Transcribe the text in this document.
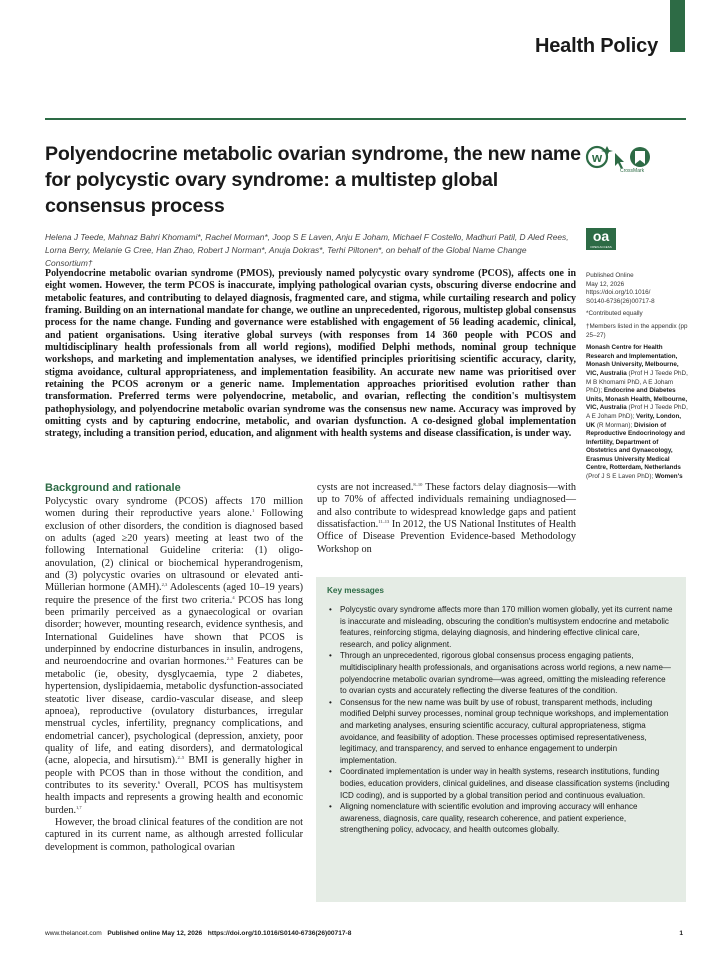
Health Policy
Polyendocrine metabolic ovarian syndrome, the new name for polycystic ovary syndrome: a multistep global consensus process
w
CrossMark
Helena J Teede, Mahnaz Bahri Khomami*, Rachel Morman*, Joop S E Laven, Anju E Joham, Michael F Costello, Madhuri Patil, D Aled Rees,
Lorna Berry, Melanie G Cree, Han Zhao, Robert J Norman*, Anuja Dokras*, Terhi Piltonen*, on behalf of the Global Name Change Consortium†
oa
OPEN ACCESS

Polyendocrine metabolic ovarian syndrome (PMOS), previously named polycystic ovary syndrome (PCOS), affects one in eight women. However, the term PCOS is inaccurate, implying pathological ovarian cysts, obscuring diverse endocrine and metabolic features, and contributing to delayed diagnosis, fragmented care, and stigma, while curtailing research and policy framing. Building on an international mandate for change, we outline an unprecedented, rigorous, multistep global consensus process for the name change. Funding and governance were established with engagement of 56 leading academic, clinical, and patient organisations. Using iterative global surveys (with responses from 14 360 people with PCOS and multidisciplinary health professionals from all world regions), modified Delphi methods, nominal group technique workshops, and marketing and implementation analyses, we identified principles prioritising scientific accuracy, clarity, stigma avoidance, cultural appropriateness, and implementation feasibility. An accurate new name was prioritised over retaining the PCOS acronym or a generic name. Implementation approaches prioritised evolution rather than transformation. Preferred terms were polyendocrine, metabolic, and ovarian, reflecting the condition's multisystem pathophysiology, and polyendocrine metabolic ovarian syndrome was the consensus new name. Accuracy was improved by omitting cysts and by capturing endocrine, metabolic, and ovarian dysfunction. A co-designed global implementation strategy, including a transition period, education, and alignment with health systems and disease classification, is under way.

Published Online
May 12, 2026
https://doi.org/10.1016/
S0140-6736(26)00717-8

*Contributed equally

†Members listed in the appendix (pp 25–27)

Monash Centre for Health Research and Implementation, Monash University, Melbourne, VIC, Australia (Prof H J Teede PhD, M B Khomami PhD, A E Joham PhD); Endocrine and Diabetes Units, Monash Health, Melbourne, VIC, Australia (Prof H J Teede PhD, A E Joham PhD); Verity, London, UK (R Morman); Division of Reproductive Endocrinology and Infertility, Department of Obstetrics and Gynaecology, Erasmus University Medical Centre, Rotterdam, Netherlands (Prof J S E Laven PhD); Women's

Background and rationale

Polycystic ovary syndrome (PCOS) affects 170 million women during their reproductive years alone.$^1$ Following exclusion of other disorders, the condition is diagnosed based on adults (aged ≥20 years) meeting at least two of the following International Guideline criteria: (1) oligo-anovulation, (2) clinical or biochemical hyperandrogenism, and (3) polycystic ovaries on ultrasound or elevated anti-Müllerian hormone (AMH).$^{2,3}$ Adolescents (aged 10–19 years) require the presence of the first two criteria.$^4$ PCOS has long been primarily perceived as a gynaecological or ovarian disorder; however, mounting research, evidence synthesis, and International Guidelines have shown that PCOS is underpinned by endocrine disturbances in insulin, androgens, and neuroendocrine and ovarian hormones.$^{2-5}$ Features can be metabolic (ie, obesity, dysglycaemia, type 2 diabetes, hypertension, dyslipidaemia, metabolic dysfunction-associated steatotic liver disease, cardio-vascular disease, and sleep apnoea), reproductive (ovulatory disturbances, irregular menstrual cycles, infertility, pregnancy complications, and endometrial cancer), psychological (depression, anxiety, poor quality of life, and eating disorders), and dermatological (acne, alopecia, and hirsutism).$^{2-5}$ BMI is generally higher in people with PCOS than in those without the condition, and contributes to its severity.$^6$ Overall, PCOS has multisystem health impacts and represents a growing health and economic burden.$^{1,7}$

However, the broad clinical features of the condition are not captured in its current name, as although arrested follicular development is common, pathological ovarian

cysts are not increased.$^{8-10}$ These factors delay diagnosis—with up to 70% of affected individuals remaining undiagnosed—and also contribute to widespread knowledge gaps and patient dissatisfaction.$^{11-13}$ In 2012, the US National Institutes of Health Office of Disease Prevention Evidence-based Methodology Workshop on

Key messages
• Polycystic ovary syndrome affects more than 170 million women globally, yet its current name is inaccurate and misleading, obscuring the condition's multisystem endocrine and metabolic features, reinforcing stigma, delaying diagnosis, and hindering effective clinical care, research, and policy alignment.
• Through an unprecedented, rigorous global consensus process engaging patients, multidisciplinary health professionals, and organisations across world regions, a new name—polyendocrine metabolic ovarian syndrome—was agreed, omitting the misleading reference to ovarian cysts and accurately reflecting the diverse features of the condition.
• Consensus for the new name was built by use of robust, transparent methods, including modified Delphi survey processes, nominal group technique workshops, and implementation and marketing analyses, ensuring scientific accuracy, cultural appropriateness, stigma avoidance, and feasibility of adoption. These processes optimised representativeness, legitimacy, and transparency, and served to enhance engagement to underpin implementation.
• Coordinated implementation is under way in health systems, research institutions, funding bodies, education providers, clinical guidelines, and disease classification systems (including ICD coding), and is supported by a global transition period and continuous evaluation.
• Aligning nomenclature with scientific evolution and improving accuracy will enhance awareness, diagnosis, care quality, research coherence, and patient experience, strengthening policy, advocacy, and health outcomes globally.
www.thelancet.com Published online May 12, 2026 https://doi.org/10.1016/S0140-6736(26)00717-8	1
